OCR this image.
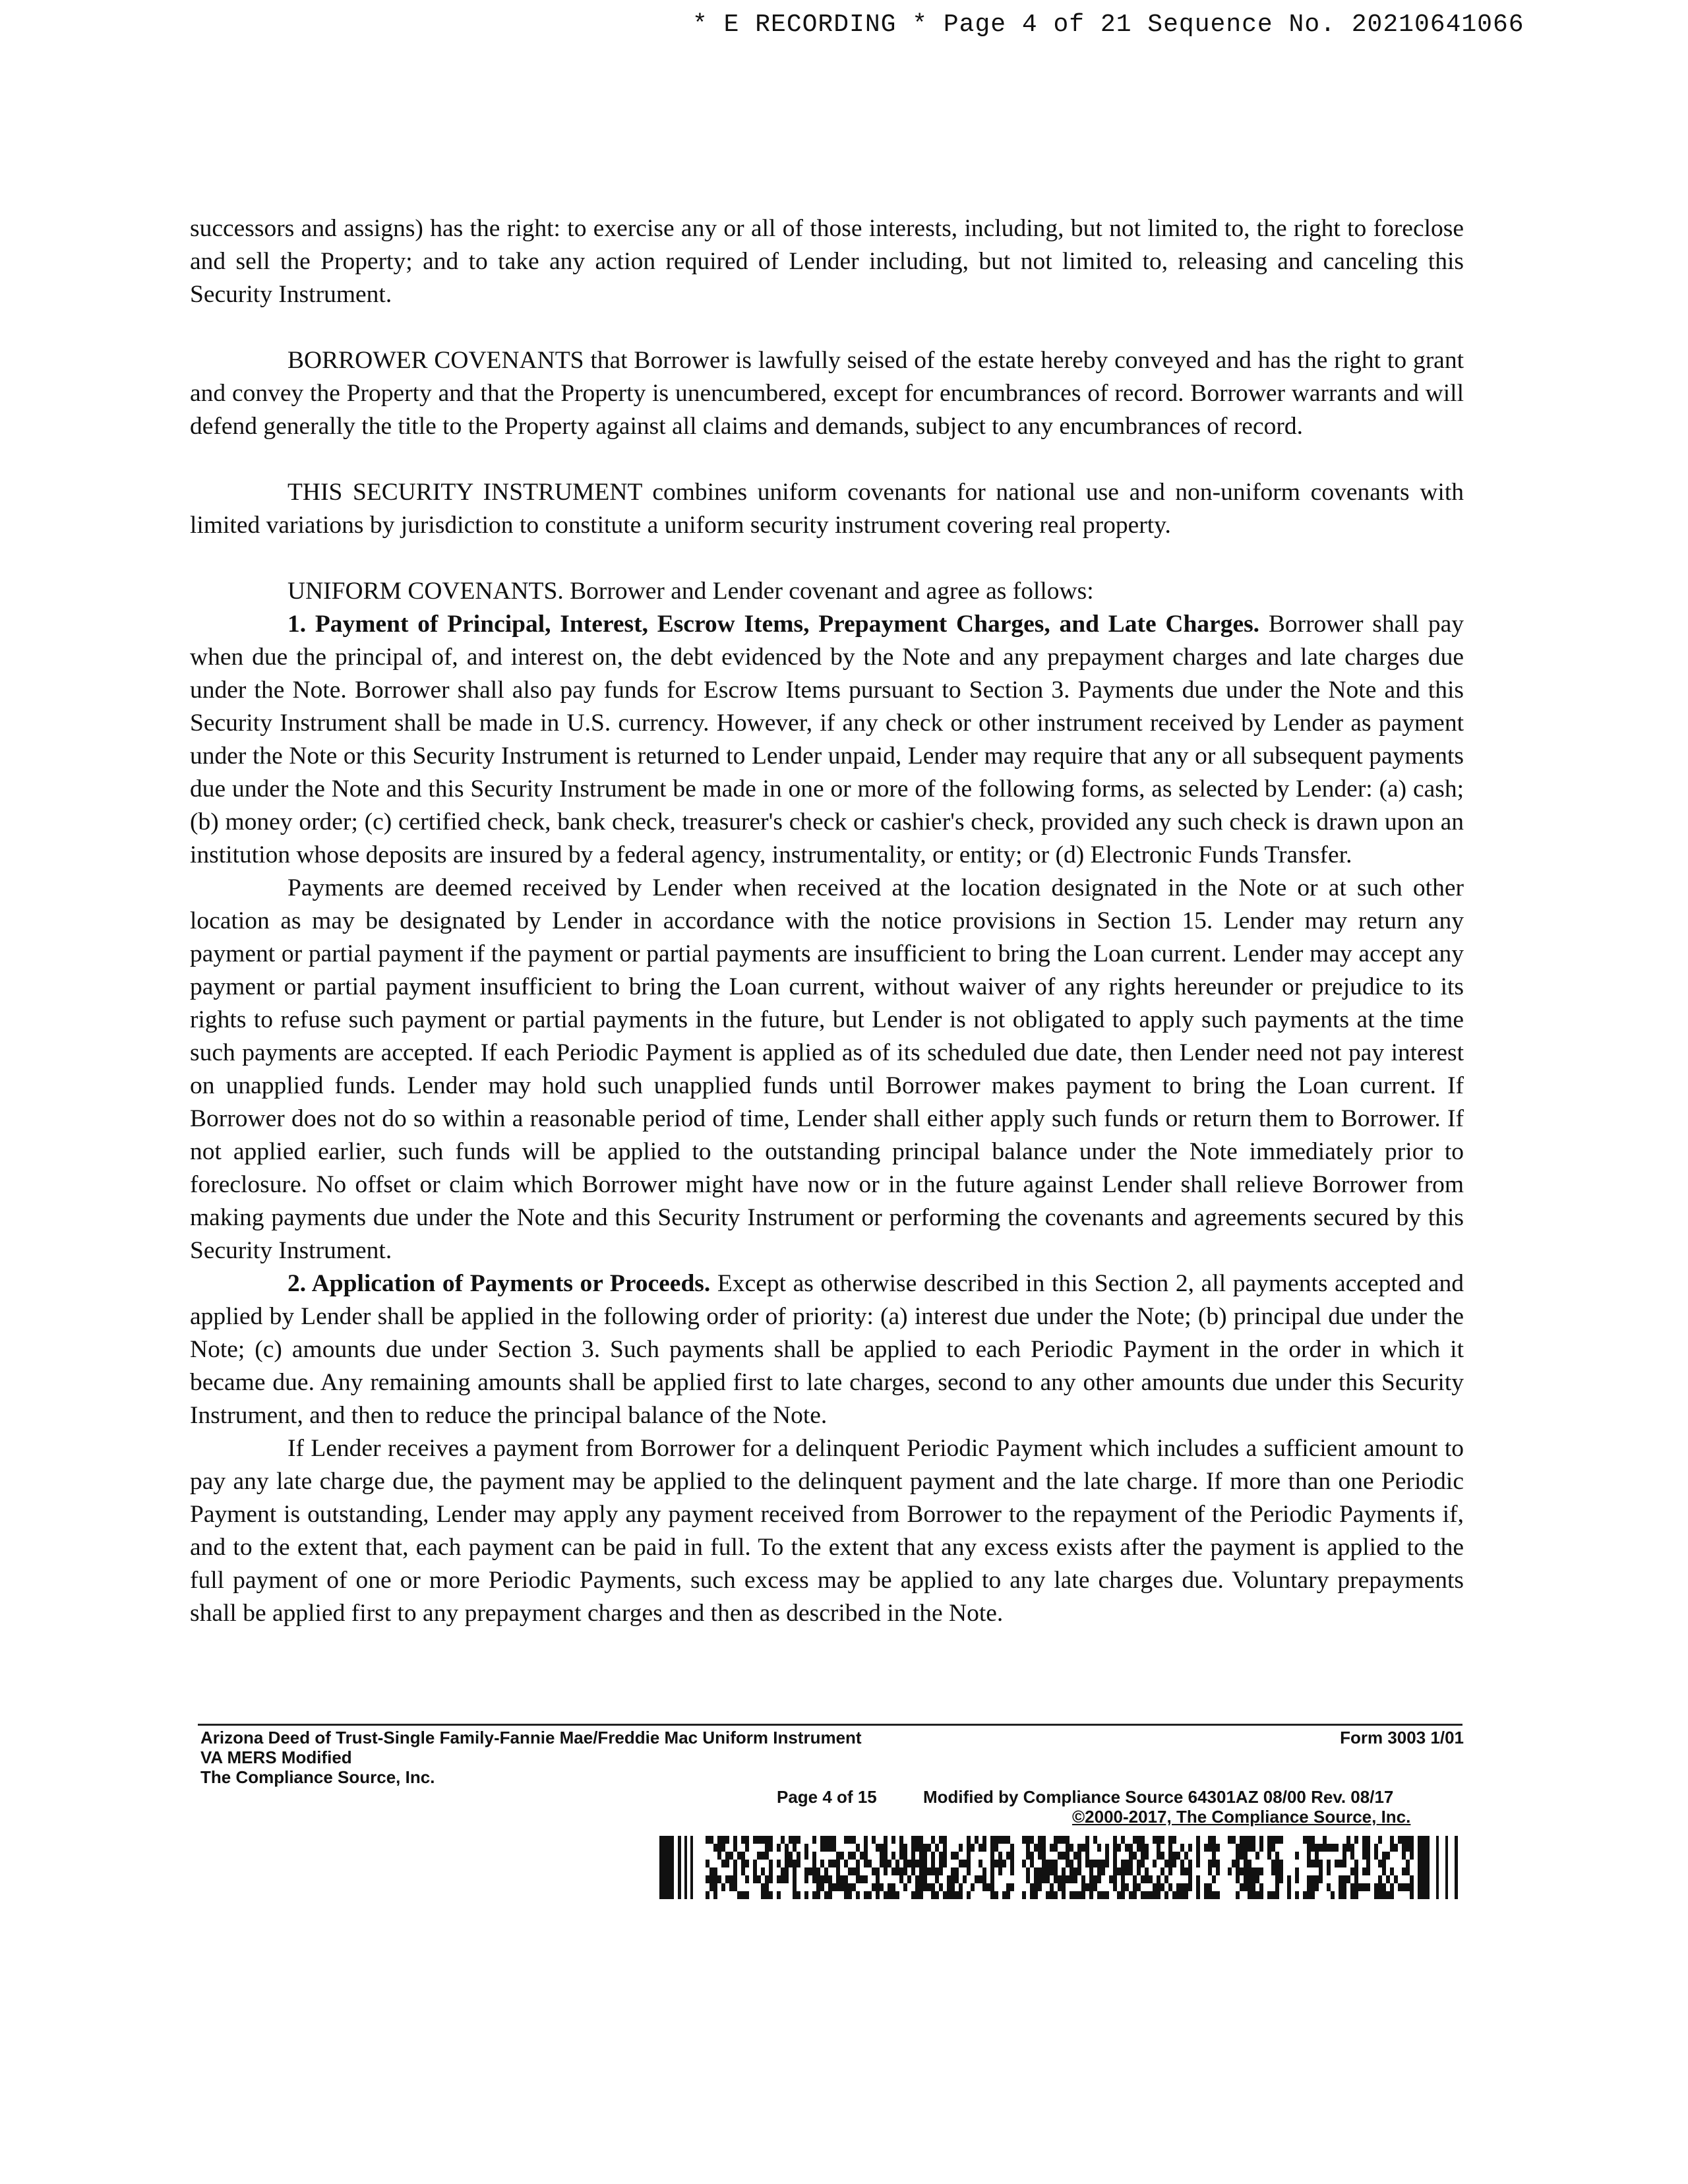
* E RECORDING * Page 4 of 21 Sequence No. 20210641066

successors and assigns) has the right: to exercise any or all of those interests, including, but not limited to, the right to foreclose and sell the Property; and to take any action required of Lender including, but not limited to, releasing and canceling this Security Instrument.

BORROWER COVENANTS that Borrower is lawfully seised of the estate hereby conveyed and has the right to grant and convey the Property and that the Property is unencumbered, except for encumbrances of record. Borrower warrants and will defend generally the title to the Property against all claims and demands, subject to any encumbrances of record.

THIS SECURITY INSTRUMENT combines uniform covenants for national use and non-uniform covenants with limited variations by jurisdiction to constitute a uniform security instrument covering real property.

UNIFORM COVENANTS. Borrower and Lender covenant and agree as follows:

1. Payment of Principal, Interest, Escrow Items, Prepayment Charges, and Late Charges. Borrower shall pay when due the principal of, and interest on, the debt evidenced by the Note and any prepayment charges and late charges due under the Note. Borrower shall also pay funds for Escrow Items pursuant to Section 3. Payments due under the Note and this Security Instrument shall be made in U.S. currency. However, if any check or other instrument received by Lender as payment under the Note or this Security Instrument is returned to Lender unpaid, Lender may require that any or all subsequent payments due under the Note and this Security Instrument be made in one or more of the following forms, as selected by Lender: (a) cash; (b) money order; (c) certified check, bank check, treasurer's check or cashier's check, provided any such check is drawn upon an institution whose deposits are insured by a federal agency, instrumentality, or entity; or (d) Electronic Funds Transfer.

Payments are deemed received by Lender when received at the location designated in the Note or at such other location as may be designated by Lender in accordance with the notice provisions in Section 15. Lender may return any payment or partial payment if the payment or partial payments are insufficient to bring the Loan current. Lender may accept any payment or partial payment insufficient to bring the Loan current, without waiver of any rights hereunder or prejudice to its rights to refuse such payment or partial payments in the future, but Lender is not obligated to apply such payments at the time such payments are accepted. If each Periodic Payment is applied as of its scheduled due date, then Lender need not pay interest on unapplied funds. Lender may hold such unapplied funds until Borrower makes payment to bring the Loan current. If Borrower does not do so within a reasonable period of time, Lender shall either apply such funds or return them to Borrower. If not applied earlier, such funds will be applied to the outstanding principal balance under the Note immediately prior to foreclosure. No offset or claim which Borrower might have now or in the future against Lender shall relieve Borrower from making payments due under the Note and this Security Instrument or performing the covenants and agreements secured by this Security Instrument.

2. Application of Payments or Proceeds. Except as otherwise described in this Section 2, all payments accepted and applied by Lender shall be applied in the following order of priority: (a) interest due under the Note; (b) principal due under the Note; (c) amounts due under Section 3. Such payments shall be applied to each Periodic Payment in the order in which it became due. Any remaining amounts shall be applied first to late charges, second to any other amounts due under this Security Instrument, and then to reduce the principal balance of the Note.

If Lender receives a payment from Borrower for a delinquent Periodic Payment which includes a sufficient amount to pay any late charge due, the payment may be applied to the delinquent payment and the late charge. If more than one Periodic Payment is outstanding, Lender may apply any payment received from Borrower to the repayment of the Periodic Payments if, and to the extent that, each payment can be paid in full. To the extent that any excess exists after the payment is applied to the full payment of one or more Periodic Payments, such excess may be applied to any late charges due. Voluntary prepayments shall be applied first to any prepayment charges and then as described in the Note.

Arizona Deed of Trust-Single Family-Fannie Mae/Freddie Mac Uniform Instrument
VA MERS Modified
The Compliance Source, Inc.
Form 3003 1/01
Page 4 of 15	Modified by Compliance Source 64301AZ 08/00 Rev. 08/17
©2000-2017, The Compliance Source, Inc.
